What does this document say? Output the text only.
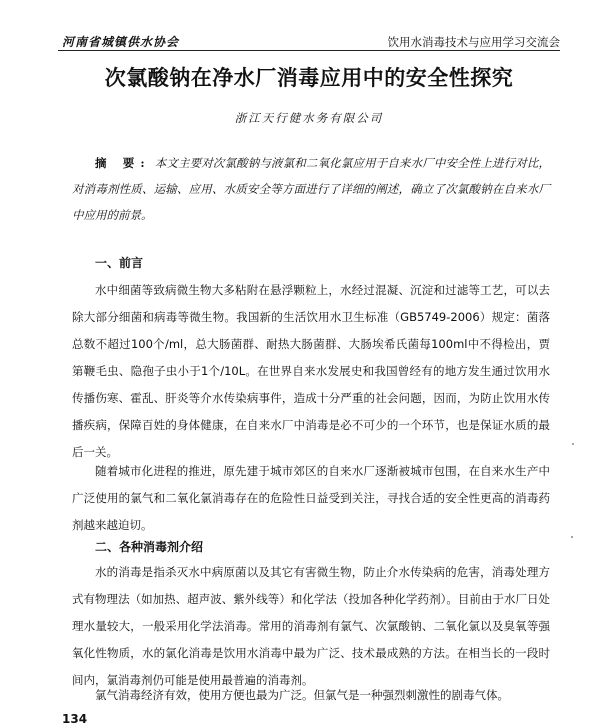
河南省城镇供水协会	饮用水消毒技术与应用学习交流会
次氯酸钠在净水厂消毒应用中的安全性探究
浙江天行健水务有限公司
摘 要: 本文主要对次氯酸钠与液氯和二氧化氯应用于自来水厂中安全性上进行对比，对消毒剂性质、运输、应用、水质安全等方面进行了详细的阐述，确立了次氯酸钠在自来水厂中应用的前景。
一、前言
水中细菌等致病微生物大多粘附在悬浮颗粒上，水经过混凝、沉淀和过滤等工艺，可以去除大部分细菌和病毒等微生物。我国新的生活饮用水卫生标准（GB5749-2006）规定：菌落总数不超过100个/ml，总大肠菌群、耐热大肠菌群、大肠埃希氏菌每100ml中不得检出，贾第鞭毛虫、隐孢子虫小于1个/10L。在世界自来水发展史和我国曾经有的地方发生通过饮用水传播伤寒、霍乱、肝炎等介水传染病事件，造成十分严重的社会问题，因而，为防止饮用水传播疾病，保障百姓的身体健康，在自来水厂中消毒是必不可少的一个环节，也是保证水质的最后一关。
随着城市化进程的推进，原先建于城市郊区的自来水厂逐渐被城市包围，在自来水生产中广泛使用的氯气和二氧化氯消毒存在的危险性日益受到关注，寻找合适的安全性更高的消毒药剂越来越迫切。
二、各种消毒剂介绍
水的消毒是指杀灭水中病原菌以及其它有害微生物，防止介水传染病的危害，消毒处理方式有物理法（如加热、超声波、紫外线等）和化学法（投加各种化学药剂）。目前由于水厂日处理水量较大，一般采用化学法消毒。常用的消毒剂有氯气、次氯酸钠、二氧化氯以及臭氧等强氧化性物质，水的氯化消毒是饮用水消毒中最为广泛、技术最成熟的方法。在相当长的一段时间内，氯消毒剂仍可能是使用最普遍的消毒剂。
氯气消毒经济有效，使用方便也最为广泛。但氯气是一种强烈刺激性的剧毒气体。
134
